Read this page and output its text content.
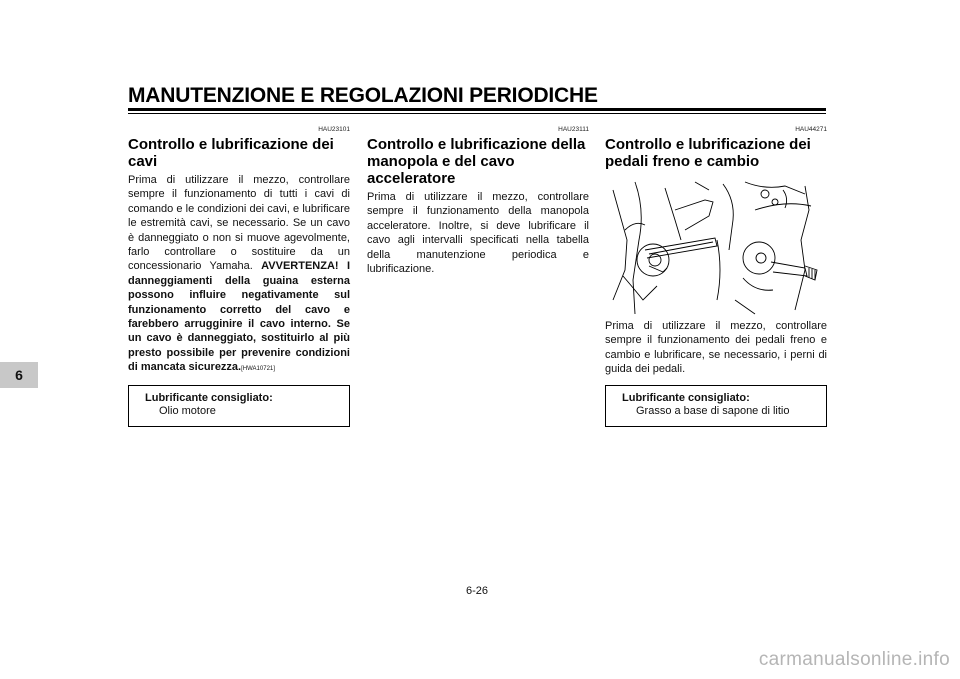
MANUTENZIONE E REGOLAZIONI PERIODICHE
6
HAU23101
Controllo e lubrificazione dei cavi
Prima di utilizzare il mezzo, controllare sempre il funzionamento di tutti i cavi di comando e le condizioni dei cavi, e lubrificare le estremità cavi, se necessario. Se un cavo è danneggiato o non si muove agevolmente, farlo controllare o sostituire da un concessionario Yamaha. AVVERTENZA! I danneggiamenti della guaina esterna possono influire negativamente sul funzionamento corretto del cavo e farebbero arrugginire il cavo interno. Se un cavo è danneggiato, sostituirlo al più presto possibile per prevenire condizioni di mancata sicurezza.[HWA10721]
Lubrificante consigliato:
Olio motore
HAU23111
Controllo e lubrificazione della manopola e del cavo acceleratore
Prima di utilizzare il mezzo, controllare sempre il funzionamento della manopola acceleratore. Inoltre, si deve lubrificare il cavo agli intervalli specificati nella tabella della manutenzione periodica e lubrificazione.
HAU44271
Controllo e lubrificazione dei pedali freno e cambio
Prima di utilizzare il mezzo, controllare sempre il funzionamento dei pedali freno e cambio e lubrificare, se necessario, i perni di guida dei pedali.
Lubrificante consigliato:
Grasso a base di sapone di litio
6-26
carmanualsonline.info
